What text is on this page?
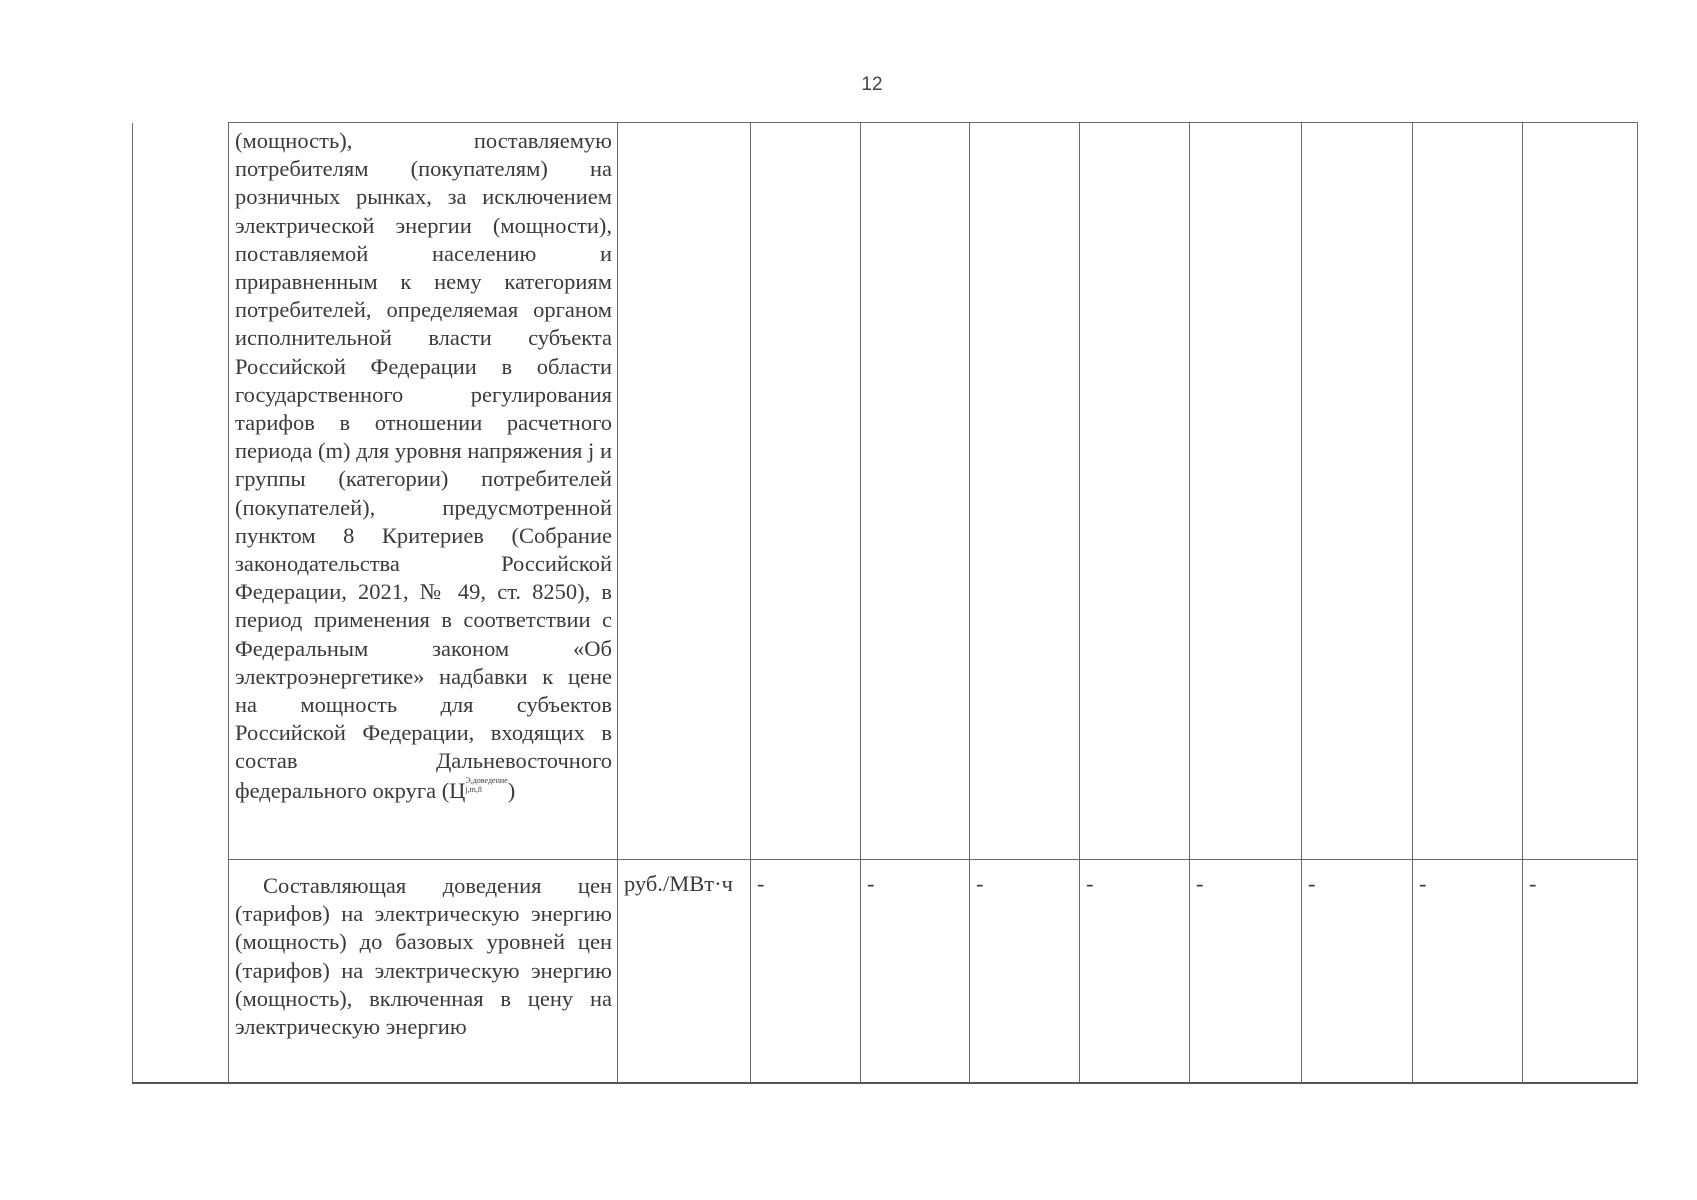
12

	(мощность), поставляемую потребителям (покупателям) на розничных рынках, за исключением электрической энергии (мощности), поставляемой населению и приравненным к нему категориям потребителей, определяемая органом исполнительной власти субъекта Российской Федерации в области государственного регулирования тарифов в отношении расчетного периода (m) для уровня напряжения j и группы (категории) потребителей (покупателей), предусмотренной пунктом 8 Критериев (Собрание законодательства Российской Федерации, 2021, № 49, ст. 8250), в период применения в соответствии с Федеральным законом «Об электроэнергетике» надбавки к цене на мощность для субъектов Российской Федерации, входящих в состав Дальневосточного федерального округа (ЦЭ,доведение
j,m,8 )									

	Составляющая доведения цен (тарифов) на электрическую энергию (мощность) до базовых уровней цен (тарифов) на электрическую энергию (мощность), включенная в цену на электрическую энергию	руб./МВт·ч	-	-	-	-	-	-	-	-
